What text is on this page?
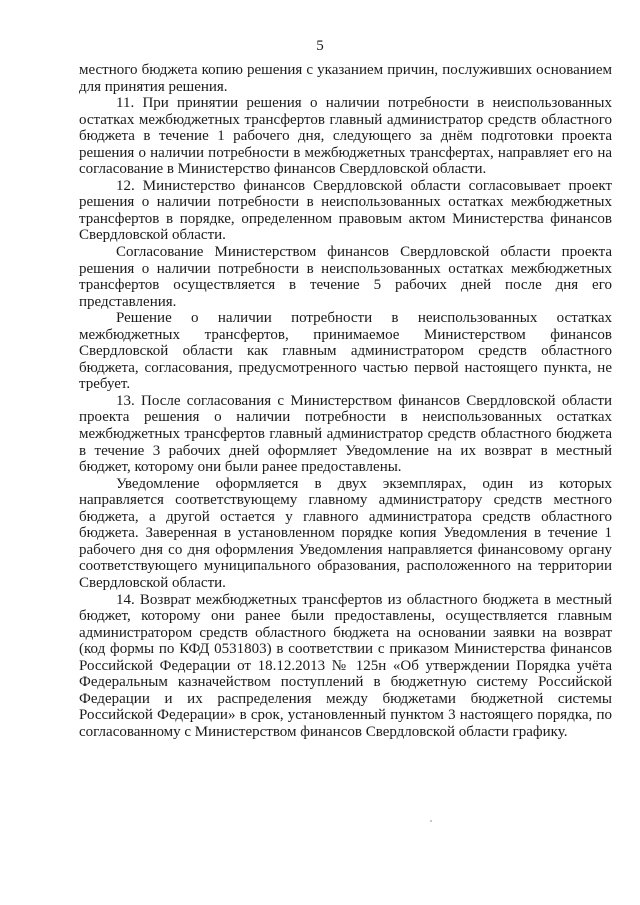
5

местного бюджета копию решения с указанием причин, послуживших основанием для принятия решения.

11. При принятии решения о наличии потребности в неиспользованных остатках межбюджетных трансфертов главный администратор средств областного бюджета в течение 1 рабочего дня, следующего за днём подготовки проекта решения о наличии потребности в межбюджетных трансфертах, направляет его на согласование в Министерство финансов Свердловской области.

12. Министерство финансов Свердловской области согласовывает проект решения о наличии потребности в неиспользованных остатках межбюджетных трансфертов в порядке, определенном правовым актом Министерства финансов Свердловской области.

Согласование Министерством финансов Свердловской области проекта решения о наличии потребности в неиспользованных остатках межбюджетных трансфертов осуществляется в течение 5 рабочих дней после дня его представления.

Решение о наличии потребности в неиспользованных остатках межбюджетных трансфертов, принимаемое Министерством финансов Свердловской области как главным администратором средств областного бюджета, согласования, предусмотренного частью первой настоящего пункта, не требует.

13. После согласования с Министерством финансов Свердловской области проекта решения о наличии потребности в неиспользованных остатках межбюджетных трансфертов главный администратор средств областного бюджета в течение 3 рабочих дней оформляет Уведомление на их возврат в местный бюджет, которому они были ранее предоставлены.

Уведомление оформляется в двух экземплярах, один из которых направляется соответствующему главному администратору средств местного бюджета, а другой остается у главного администратора средств областного бюджета. Заверенная в установленном порядке копия Уведомления в течение 1 рабочего дня со дня оформления Уведомления направляется финансовому органу соответствующего муниципального образования, расположенного на территории Свердловской области.

14. Возврат межбюджетных трансфертов из областного бюджета в местный бюджет, которому они ранее были предоставлены, осуществляется главным администратором средств областного бюджета на основании заявки на возврат (код формы по КФД 0531803) в соответствии с приказом Министерства финансов Российской Федерации от 18.12.2013 № 125н «Об утверждении Порядка учёта Федеральным казначейством поступлений в бюджетную систему Российской Федерации и их распределения между бюджетами бюджетной системы Российской Федерации» в срок, установленный пунктом 3 настоящего порядка, по согласованному с Министерством финансов Свердловской области графику.
